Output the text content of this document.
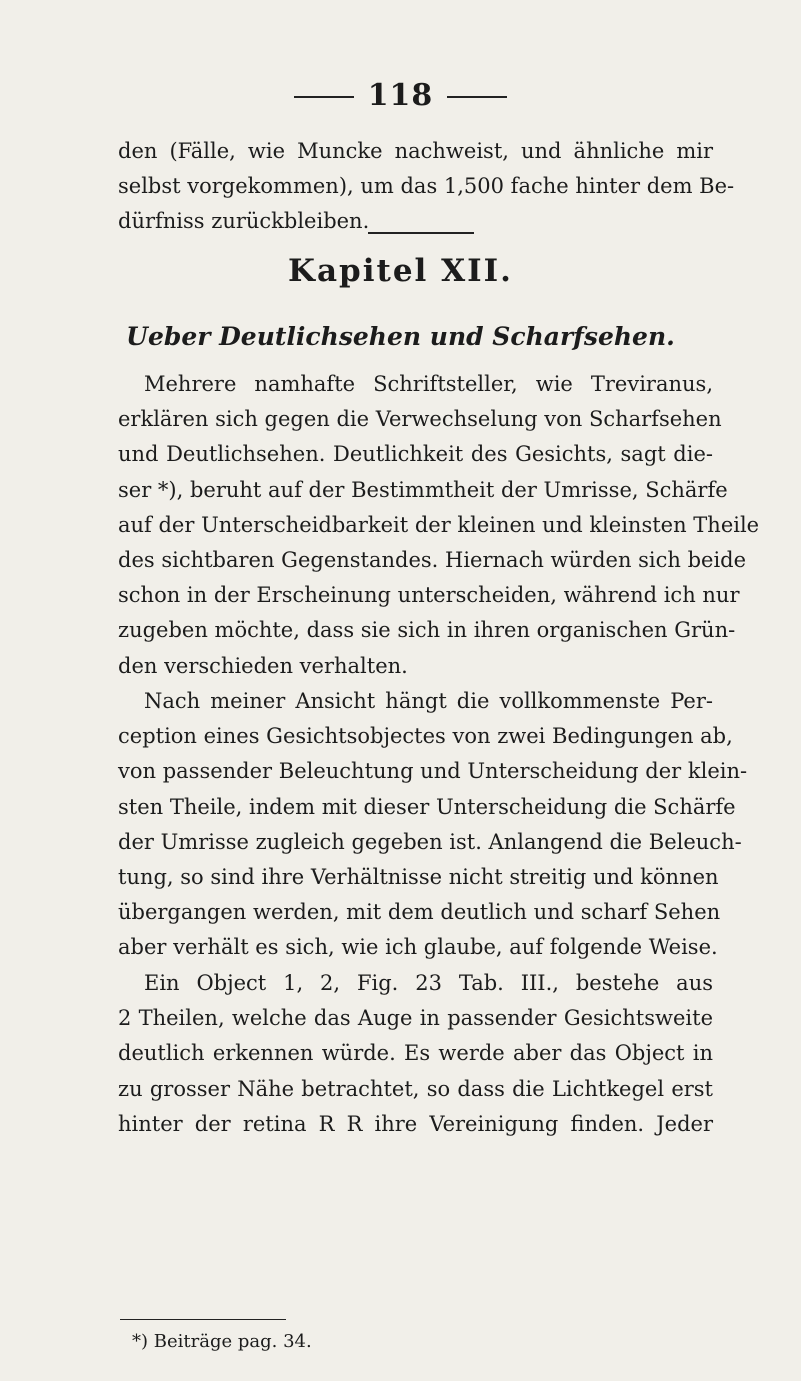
118
den (Fälle, wie Muncke nachweist, und ähnliche mir
selbst vorgekommen), um das 1,500 fache hinter dem Be-
dürfniss zurückbleiben.
Kapitel XII.
Ueber Deutlichsehen und Scharfsehen.
Mehrere namhafte Schriftsteller, wie Treviranus,
erklären sich gegen die Verwechselung von Scharfsehen
und Deutlichsehen. Deutlichkeit des Gesichts, sagt die-
ser *), beruht auf der Bestimmtheit der Umrisse, Schärfe
auf der Unterscheidbarkeit der kleinen und kleinsten Theile
des sichtbaren Gegenstandes. Hiernach würden sich beide
schon in der Erscheinung unterscheiden, während ich nur
zugeben möchte, dass sie sich in ihren organischen Grün-
den verschieden verhalten.
Nach meiner Ansicht hängt die vollkommenste Per-
ception eines Gesichtsobjectes von zwei Bedingungen ab,
von passender Beleuchtung und Unterscheidung der klein-
sten Theile, indem mit dieser Unterscheidung die Schärfe
der Umrisse zugleich gegeben ist. Anlangend die Beleuch-
tung, so sind ihre Verhältnisse nicht streitig und können
übergangen werden, mit dem deutlich und scharf Sehen
aber verhält es sich, wie ich glaube, auf folgende Weise.
Ein Object 1, 2, Fig. 23 Tab. III., bestehe aus
2 Theilen, welche das Auge in passender Gesichtsweite
deutlich erkennen würde. Es werde aber das Object in
zu grosser Nähe betrachtet, so dass die Lichtkegel erst
hinter der retina R R ihre Vereinigung finden. Jeder
*) Beiträge pag. 34.
